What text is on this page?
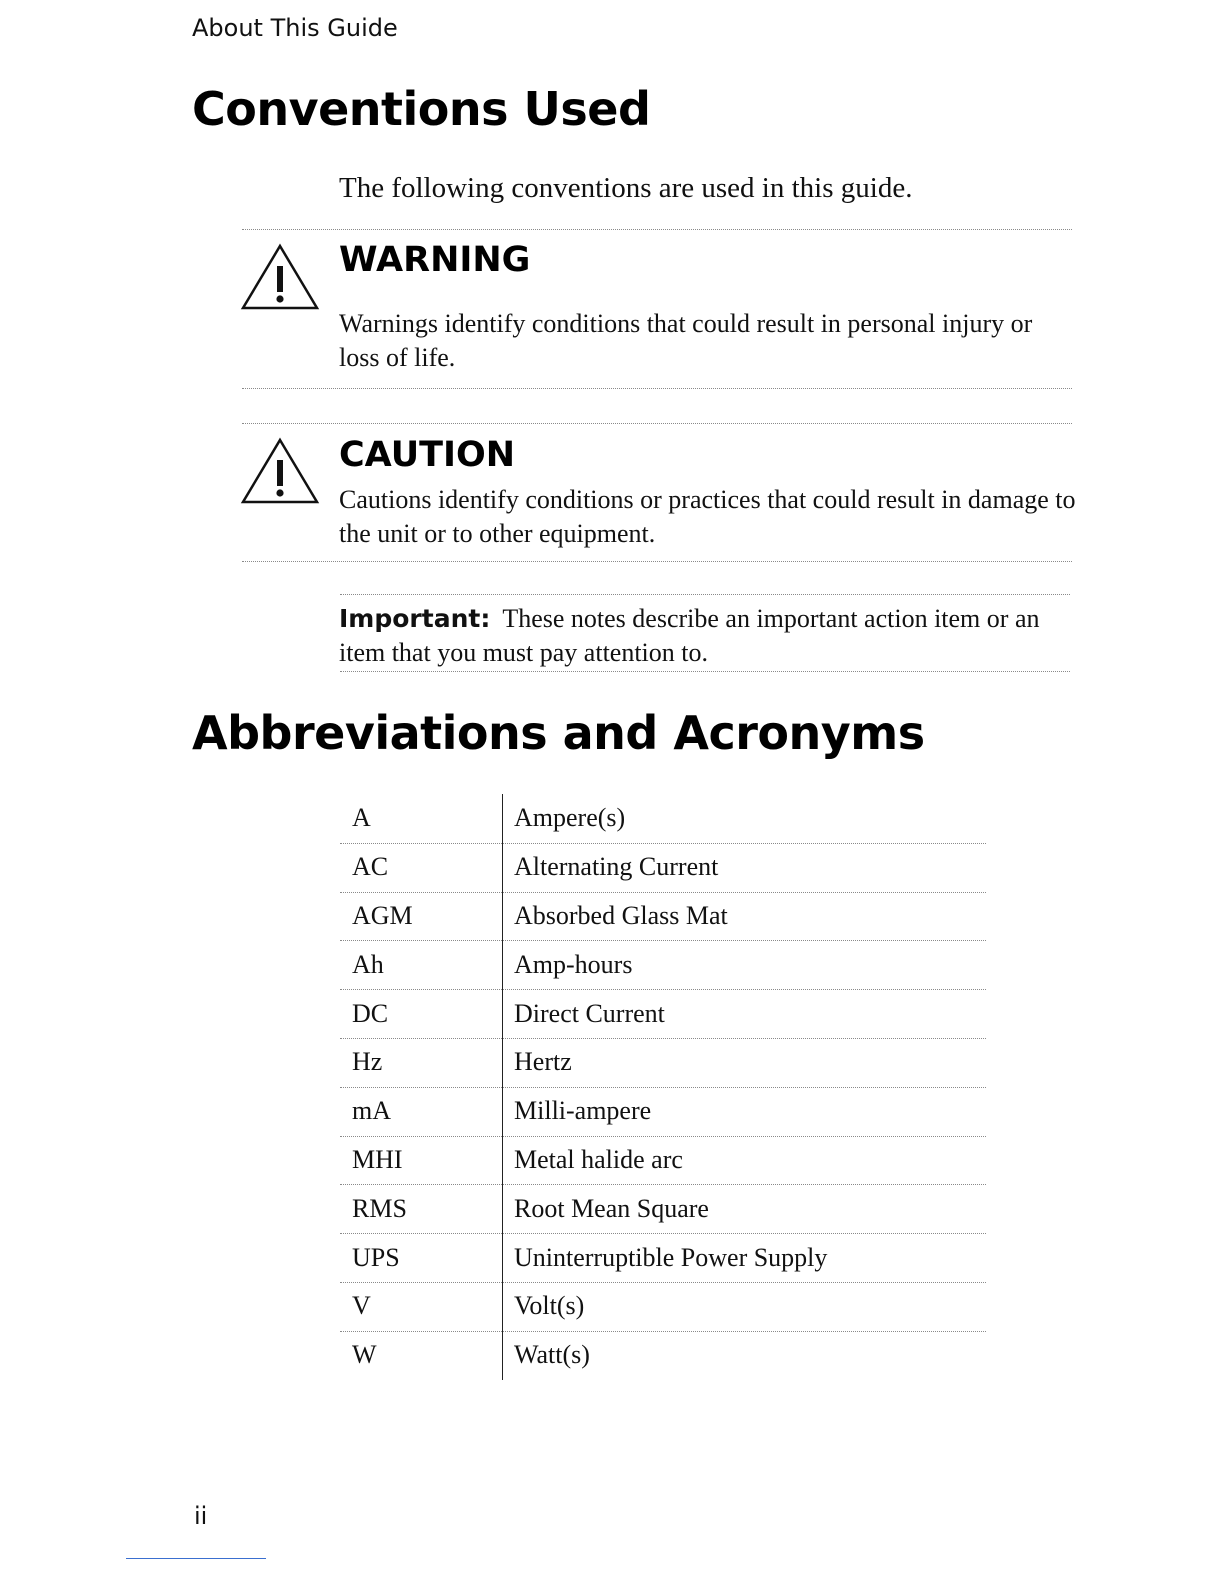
About This Guide
Conventions Used
The following conventions are used in this guide.
WARNING
Warnings identify conditions that could result in personal injury or loss of life.
CAUTION
Cautions identify conditions or practices that could result in damage to the unit or to other equipment.
Important: These notes describe an important action item or an item that you must pay attention to.
Abbreviations and Acronyms
A	Ampere(s)
AC	Alternating Current
AGM	Absorbed Glass Mat
Ah	Amp-hours
DC	Direct Current
Hz	Hertz
mA	Milli-ampere
MHI	Metal halide arc
RMS	Root Mean Square
UPS	Uninterruptible Power Supply
V	Volt(s)
W	Watt(s)
ii
